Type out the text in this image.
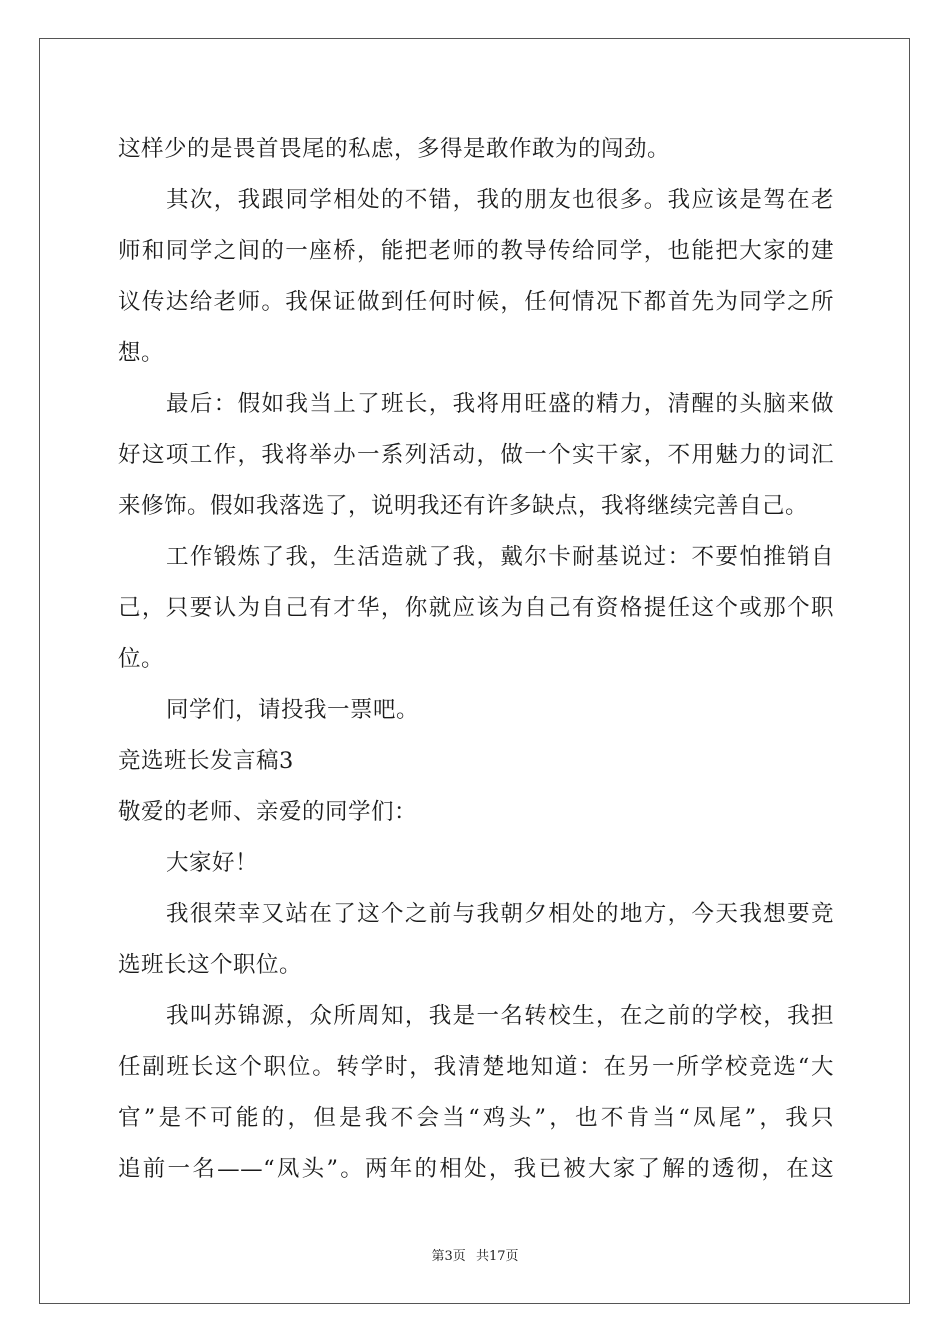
这样少的是畏首畏尾的私虑，多得是敢作敢为的闯劲。
其次，我跟同学相处的不错，我的朋友也很多。我应该是驾在老
师和同学之间的一座桥，能把老师的教导传给同学，也能把大家的建
议传达给老师。我保证做到任何时候，任何情况下都首先为同学之所
想。
最后：假如我当上了班长，我将用旺盛的精力，清醒的头脑来做
好这项工作，我将举办一系列活动，做一个实干家，不用魅力的词汇
来修饰。假如我落选了，说明我还有许多缺点，我将继续完善自己。
工作锻炼了我，生活造就了我，戴尔卡耐基说过：不要怕推销自
己，只要认为自己有才华，你就应该为自己有资格提任这个或那个职
位。
同学们，请投我一票吧。
竞选班长发言稿3
敬爱的老师、亲爱的同学们：
大家好！
我很荣幸又站在了这个之前与我朝夕相处的地方，今天我想要竞
选班长这个职位。
我叫苏锦源，众所周知，我是一名转校生，在之前的学校，我担
任副班长这个职位。转学时，我清楚地知道：在另一所学校竞选“大
官”是不可能的，但是我不会当“鸡头”，也不肯当“凤尾”，我只
追前一名——“凤头”。两年的相处，我已被大家了解的透彻，在这
第3页 共17页
